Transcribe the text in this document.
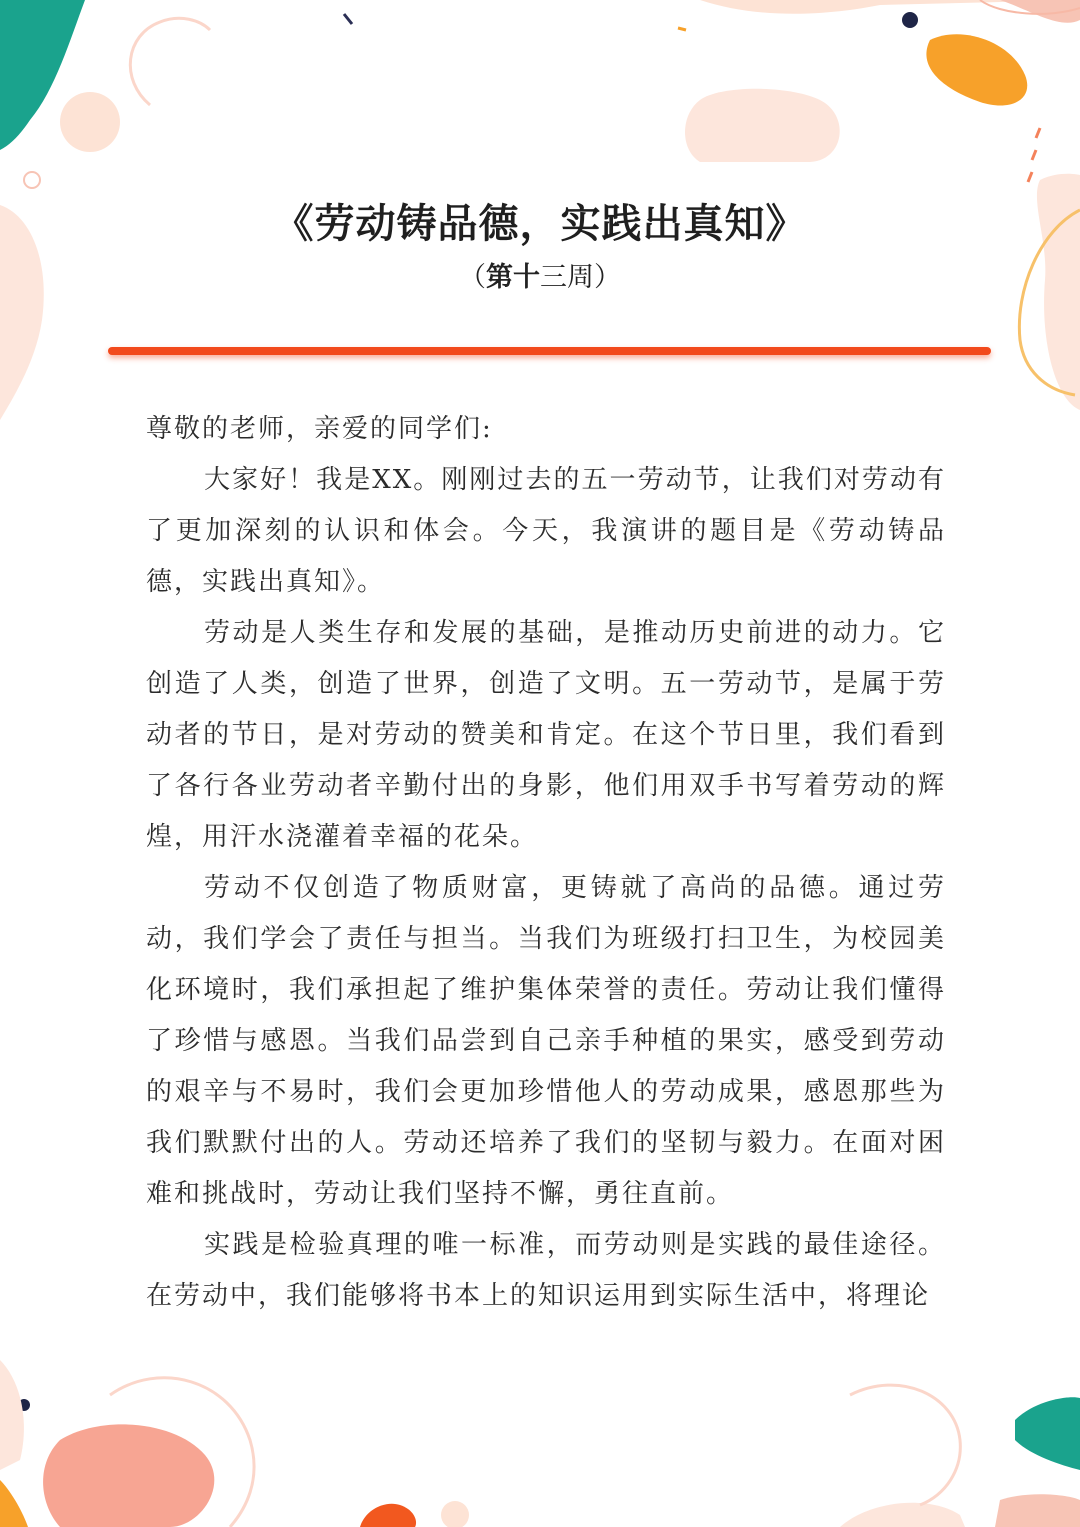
《劳动铸品德，实践出真知》
（第十三周）

尊敬的老师，亲爱的同学们:

大家好！我是XX。刚刚过去的五一劳动节，让我们对劳动有了更加深刻的认识和体会。今天，我演讲的题目是《劳动铸品德，实践出真知》。

劳动是人类生存和发展的基础，是推动历史前进的动力。它创造了人类，创造了世界，创造了文明。五一劳动节，是属于劳动者的节日，是对劳动的赞美和肯定。在这个节日里，我们看到了各行各业劳动者辛勤付出的身影，他们用双手书写着劳动的辉煌，用汗水浇灌着幸福的花朵。

劳动不仅创造了物质财富，更铸就了高尚的品德。通过劳动，我们学会了责任与担当。当我们为班级打扫卫生，为校园美化环境时，我们承担起了维护集体荣誉的责任。劳动让我们懂得了珍惜与感恩。当我们品尝到自己亲手种植的果实，感受到劳动的艰辛与不易时，我们会更加珍惜他人的劳动成果，感恩那些为我们默默付出的人。劳动还培养了我们的坚韧与毅力。在面对困难和挑战时，劳动让我们坚持不懈，勇往直前。

实践是检验真理的唯一标准，而劳动则是实践的最佳途径。在劳动中，我们能够将书本上的知识运用到实际生活中，将理论
